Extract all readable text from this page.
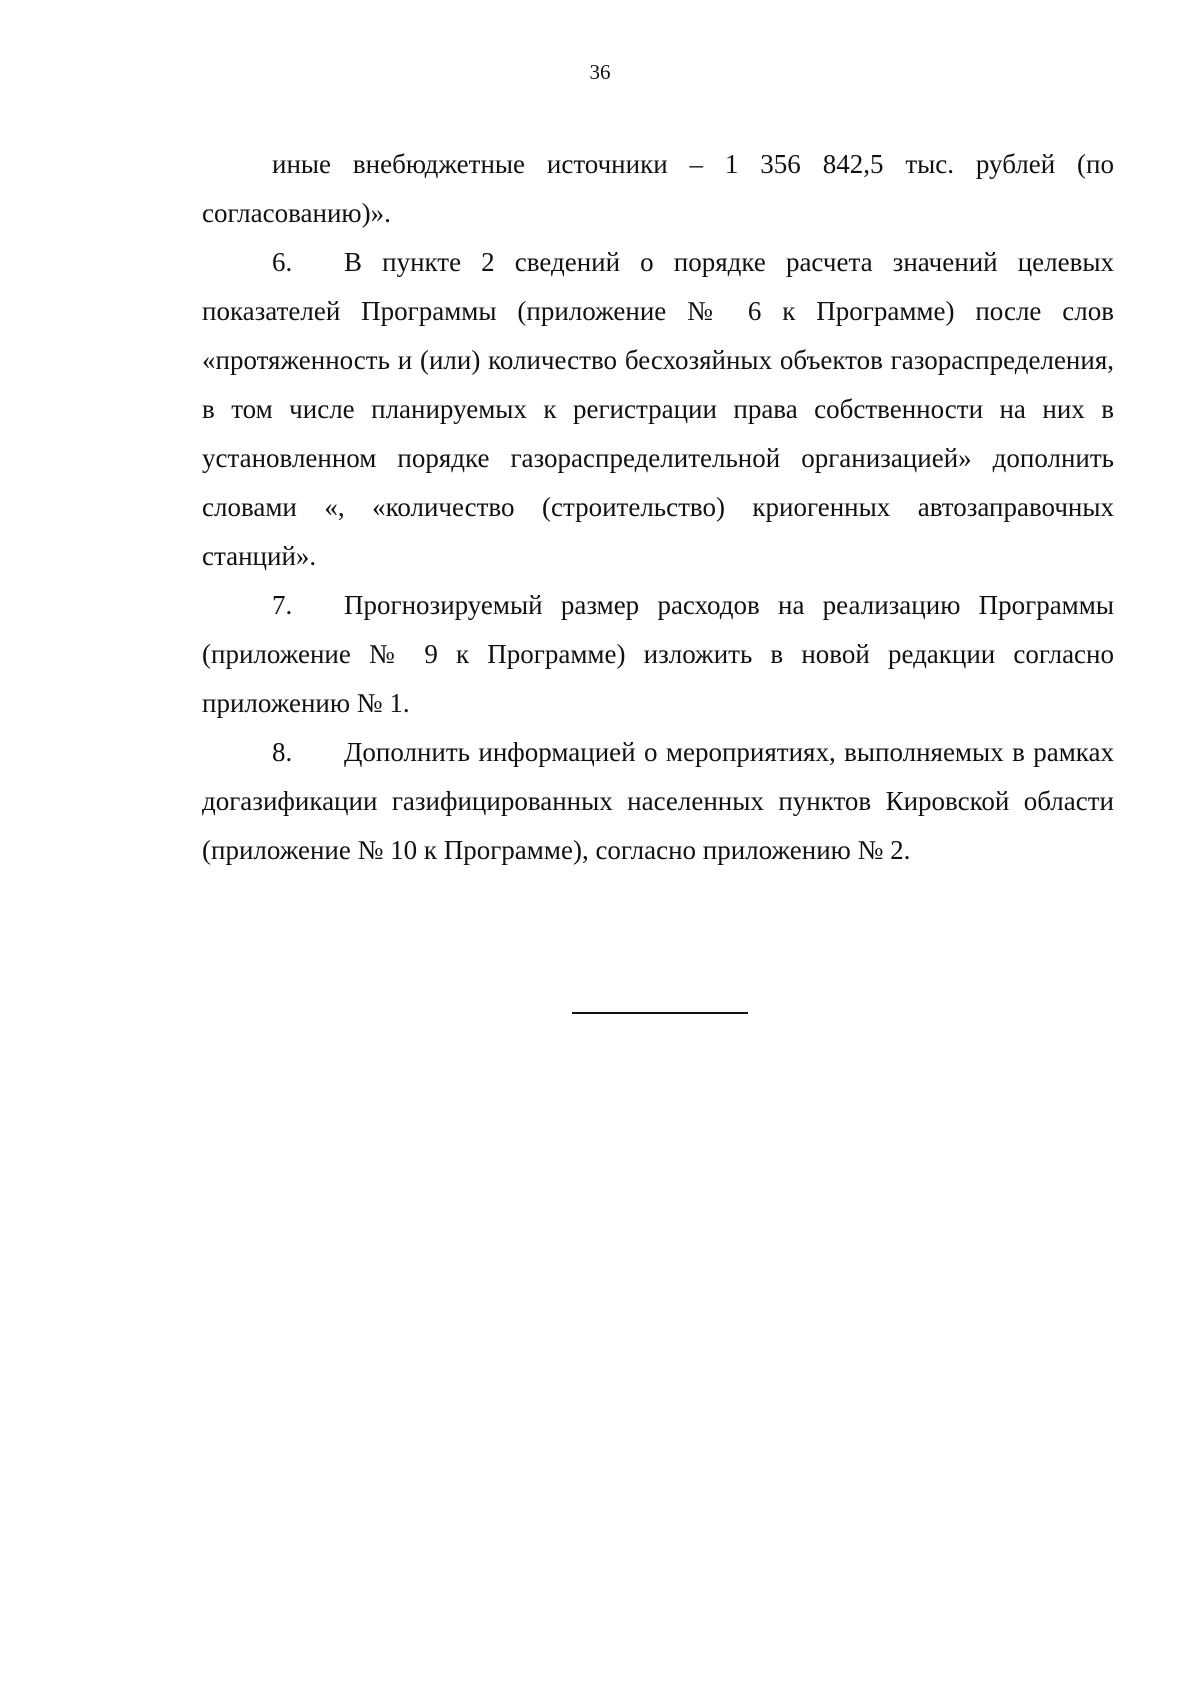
36

иные внебюджетные источники – 1 356 842,5 тыс. рублей (по согласованию)».

6. В пункте 2 сведений о порядке расчета значений целевых показателей Программы (приложение № 6 к Программе) после слов «протяженность и (или) количество бесхозяйных объектов газораспределения, в том числе планируемых к регистрации права собственности на них в установленном порядке газораспределительной организацией» дополнить словами «, «количество (строительство) криогенных автозаправочных станций».

7. Прогнозируемый размер расходов на реализацию Программы (приложение № 9 к Программе) изложить в новой редакции согласно приложению № 1.

8. Дополнить информацией о мероприятиях, выполняемых в рамках догазификации газифицированных населенных пунктов Кировской области (приложение № 10 к Программе), согласно приложению № 2.
